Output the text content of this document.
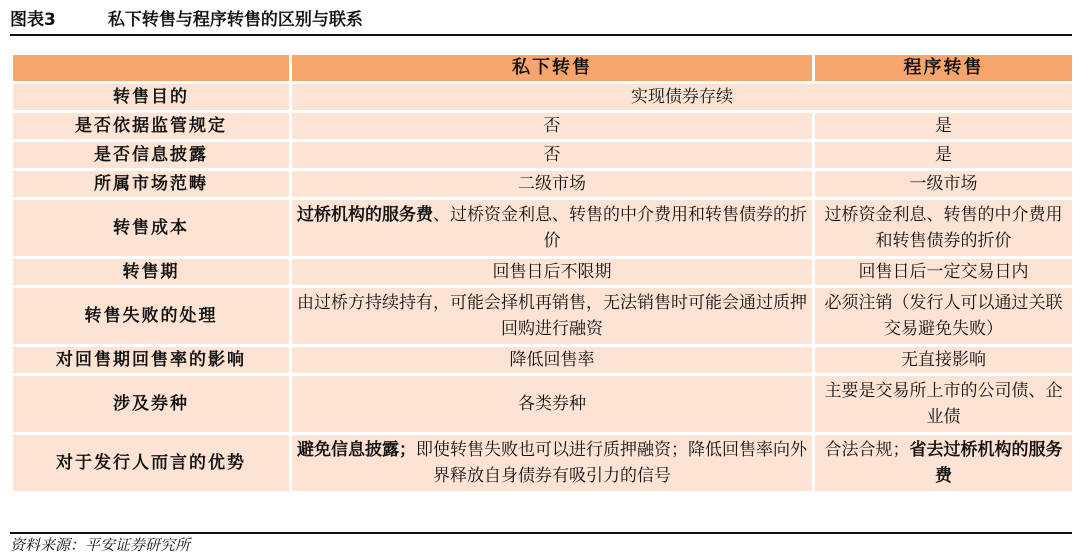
图表3	私下转售与程序转售的区别与联系
	私下转售	程序转售
转售目的	实现债券存续	
是否依据监管规定	否	是
是否信息披露	否	是
所属市场范畴	二级市场	一级市场
转售成本	过桥机构的服务费、过桥资金利息、转售的中介费用和转售债券的折价	过桥资金利息、转售的中介费用和转售债券的折价
转售期	回售日后不限期	回售日后一定交易日内
转售失败的处理	由过桥方持续持有，可能会择机再销售，无法销售时可能会通过质押回购进行融资	必须注销（发行人可以通过关联交易避免失败）
对回售期回售率的影响	降低回售率	无直接影响
涉及券种	各类券种	主要是交易所上市的公司债、企业债
对于发行人而言的优势	避免信息披露；即使转售失败也可以进行质押融资；降低回售率向外界释放自身债券有吸引力的信号	合法合规；省去过桥机构的服务费
资料来源：平安证券研究所
